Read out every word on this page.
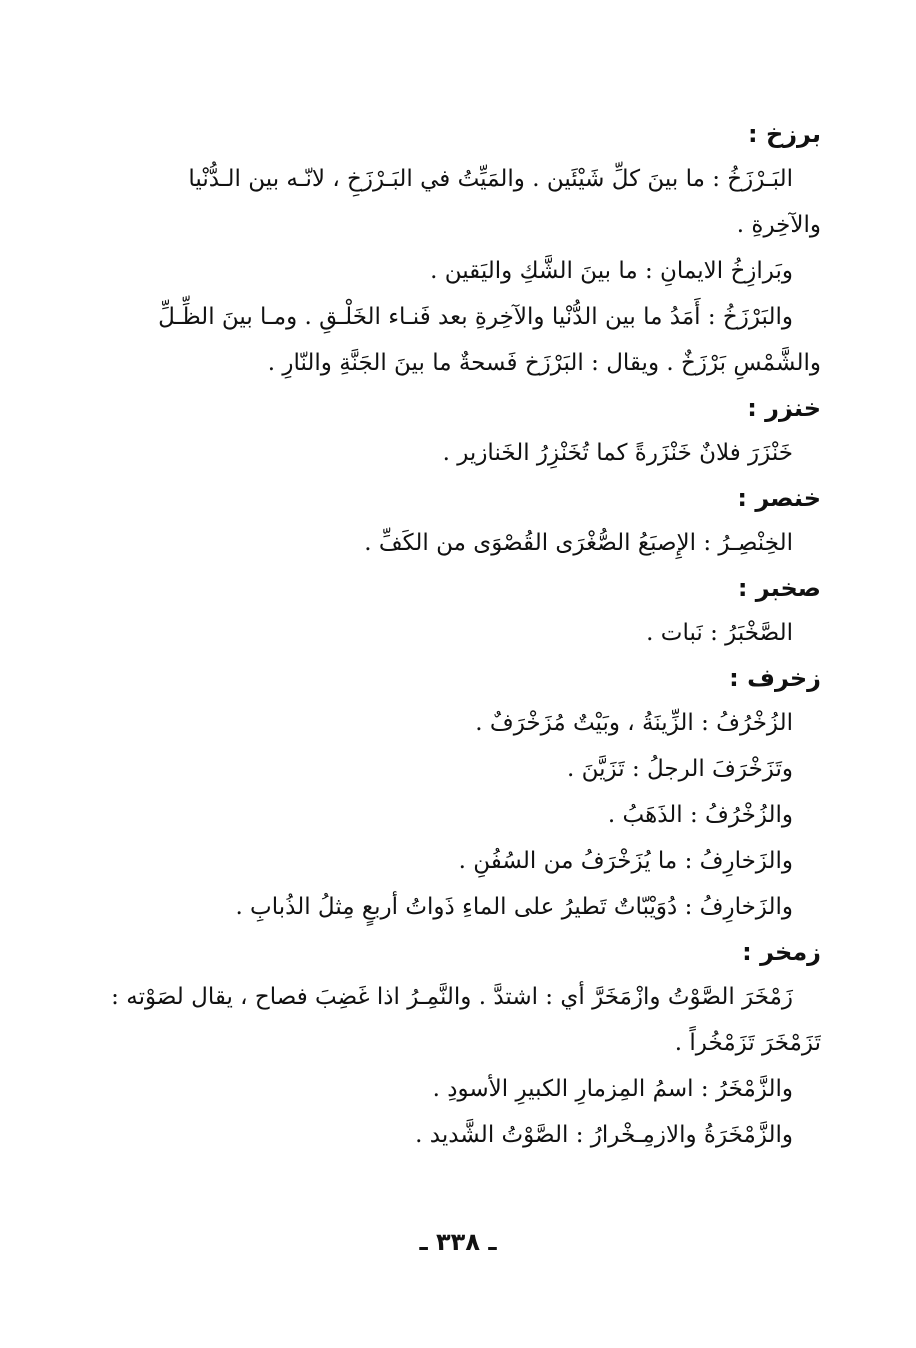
برزخ :
البَـرْزَخُ : ما بينَ كلِّ شَيْئَين . والمَيِّتُ في البَـرْزَخِ ، لانّـه بين الـدُّنْيا
والآخِرةِ .
وبَرازِخُ الايمانِ : ما بينَ الشَّكِ واليَقين .
والبَرْزَخُ : أَمَدُ ما بين الدُّنْيا والآخِرةِ بعد فَنـاء الخَلْـقِ . ومـا بينَ الظِّـلِّ
والشَّمْسِ بَرْزَخٌ . ويقال : البَرْزَخ فَسحةٌ ما بينَ الجَنَّةِ والنّارِ .
خنزر :
خَنْزَرَ فلانٌ خَنْزَرةً كما تُخَنْزِرُ الخَنازير .
خنصر :
الخِنْصِـرُ : الإِصبَعُ الصُّغْرَى القُصْوَى من الكَفِّ .
صخبر :
الصَّخْبَرُ : نَبات .
زخرف :
الزُخْرُفُ : الزِّينَةُ ، وبَيْتٌ مُزَخْرَفٌ .
وتَزَخْرَفَ الرجلُ : تَزَيَّنَ .
والزُخْرُفُ : الذَهَبُ .
والزَخارِفُ : ما يُزَخْرَفُ من السُفُنِ .
والزَخارِفُ : دُوَيْبّاتٌ تَطيرُ على الماءِ ذَواتُ أربعٍ مِثلُ الذُبابِ .
زمخر :
زَمْخَرَ الصَّوْتُ وازْمَخَرَّ أي : اشتدَّ . والنَّمِـرُ اذا غَضِبَ فصاح ، يقال لصَوْته :
تَزَمْخَرَ تَزَمْخُراً .
والزَّمْخَرُ : اسمُ المِزمارِ الكبيرِ الأسودِ .
والزَّمْخَرَةُ والازمِـخْرارُ : الصَّوْتُ الشَّديد .
ـ ٣٣٨ ـ
